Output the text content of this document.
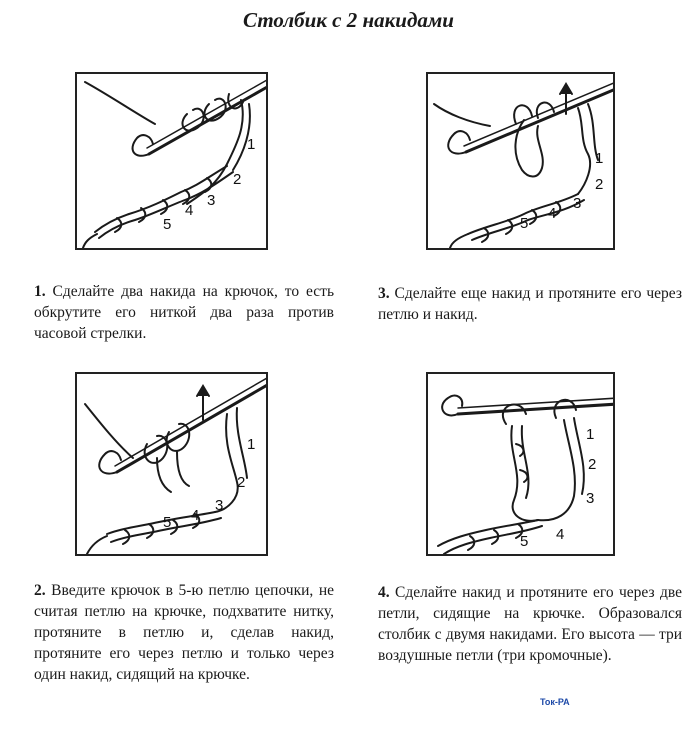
Столбик с 2 накидами
1
2
3
4
5
1
2
3
4
5
1. Сделайте два накида на крючок, то есть обкрутите его ниткой два раза против часовой стрелки.
3. Сделайте еще накид и протяните его через петлю и накид.
1
2
3
4
5
1
2
3
4
5
2. Введите крючок в 5-ю петлю цепочки, не считая петлю на крючке, подхватите нитку, протяните в петлю и, сделав накид, протяните его через петлю и только через один накид, сидящий на крючке.
4. Сделайте накид и протяните его через две петли, сидящие на крючке. Образовался столбик с двумя накидами. Его высота — три воздушные петли (три кромочные).
Ток-РА
